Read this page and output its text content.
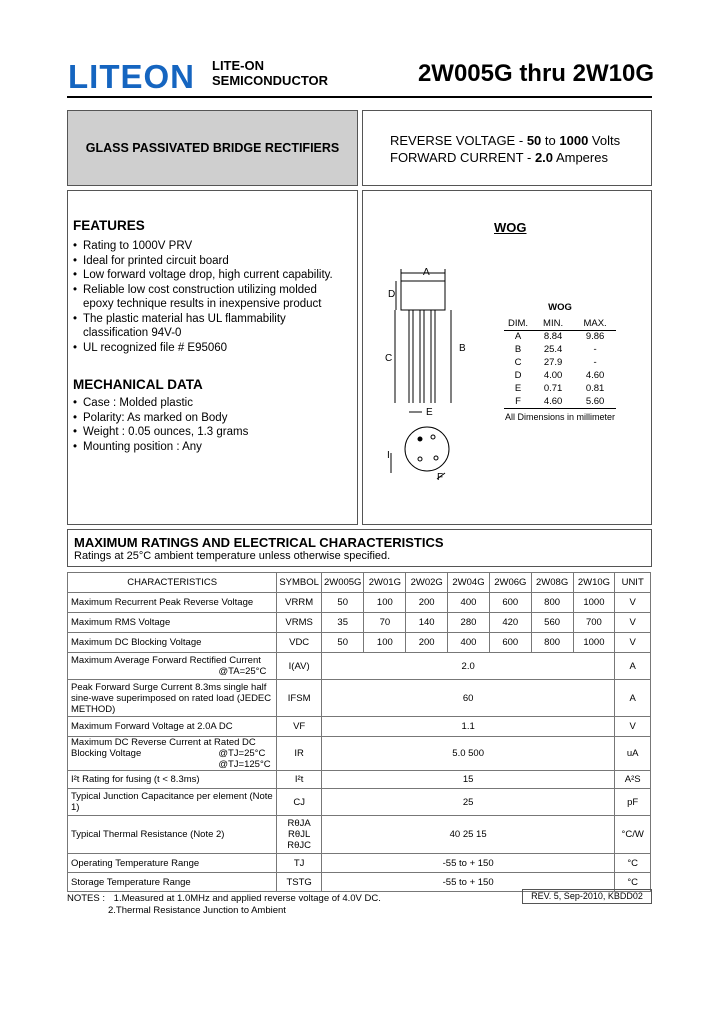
LITEON LITE-ON
SEMICONDUCTOR	2W005G thru 2W10G
GLASS PASSIVATED BRIDGE RECTIFIERS	REVERSE VOLTAGE - 50 to 1000 Volts
FORWARD CURRENT - 2.0 Amperes
FEATURES
• Rating to 1000V PRV
• Ideal for printed circuit board
• Low forward voltage drop, high current capability.
• Reliable low cost construction utilizing molded epoxy technique results in inexpensive product
• The plastic material has UL flammability classification 94V-0
• UL recognized file # E95060
MECHANICAL DATA
• Case : Molded plastic
• Polarity: As marked on Body
• Weight : 0.05 ounces, 1.3 grams
• Mounting position : Any
WOG
A
D
C
B
E
I
F
WOG
DIM.	MIN.	MAX.
A	8.84	9.86
B	25.4	-
C	27.9	-
D	4.00	4.60
E	0.71	0.81
F	4.60	5.60
All Dimensions in millimeter
MAXIMUM RATINGS AND ELECTRICAL CHARACTERISTICS
Ratings at 25°C ambient temperature unless otherwise specified.
CHARACTERISTICS	SYMBOL	2W005G	2W01G	2W02G	2W04G	2W06G	2W08G	2W10G	UNIT
Maximum Recurrent Peak Reverse Voltage	VRRM	50	100	200	400	600	800	1000	V
Maximum RMS Voltage	VRMS	35	70	140	280	420	560	700	V
Maximum DC Blocking Voltage	VDC	50	100	200	400	600	800	1000	V
Maximum Average Forward Rectified Current
@TA=25°C	I(AV)	2.0							A
Peak Forward Surge Current 8.3ms single half sine-wave superimposed on rated load (JEDEC METHOD)	IFSM	60							A
Maximum Forward Voltage at 2.0A DC	VF	1.1							V
Maximum DC Reverse Current at Rated DC Blocking Voltage @TJ=25°C @TJ=125°C	IR	5.0 500							uA
I²t Rating for fusing (t < 8.3ms)	I²t	15							A²S
Typical Junction Capacitance per element (Note 1)	CJ	25							pF
Typical Thermal Resistance (Note 2)	RθJA RθJL RθJC	40 25 15							°C/W
Operating Temperature Range	TJ	-55 to + 150							°C
Storage Temperature Range	TSTG	-55 to + 150							°C
NOTES : 1.Measured at 1.0MHz and applied reverse voltage of 4.0V DC.
2.Thermal Resistance Junction to Ambient
REV. 5, Sep-2010, KBDD02
